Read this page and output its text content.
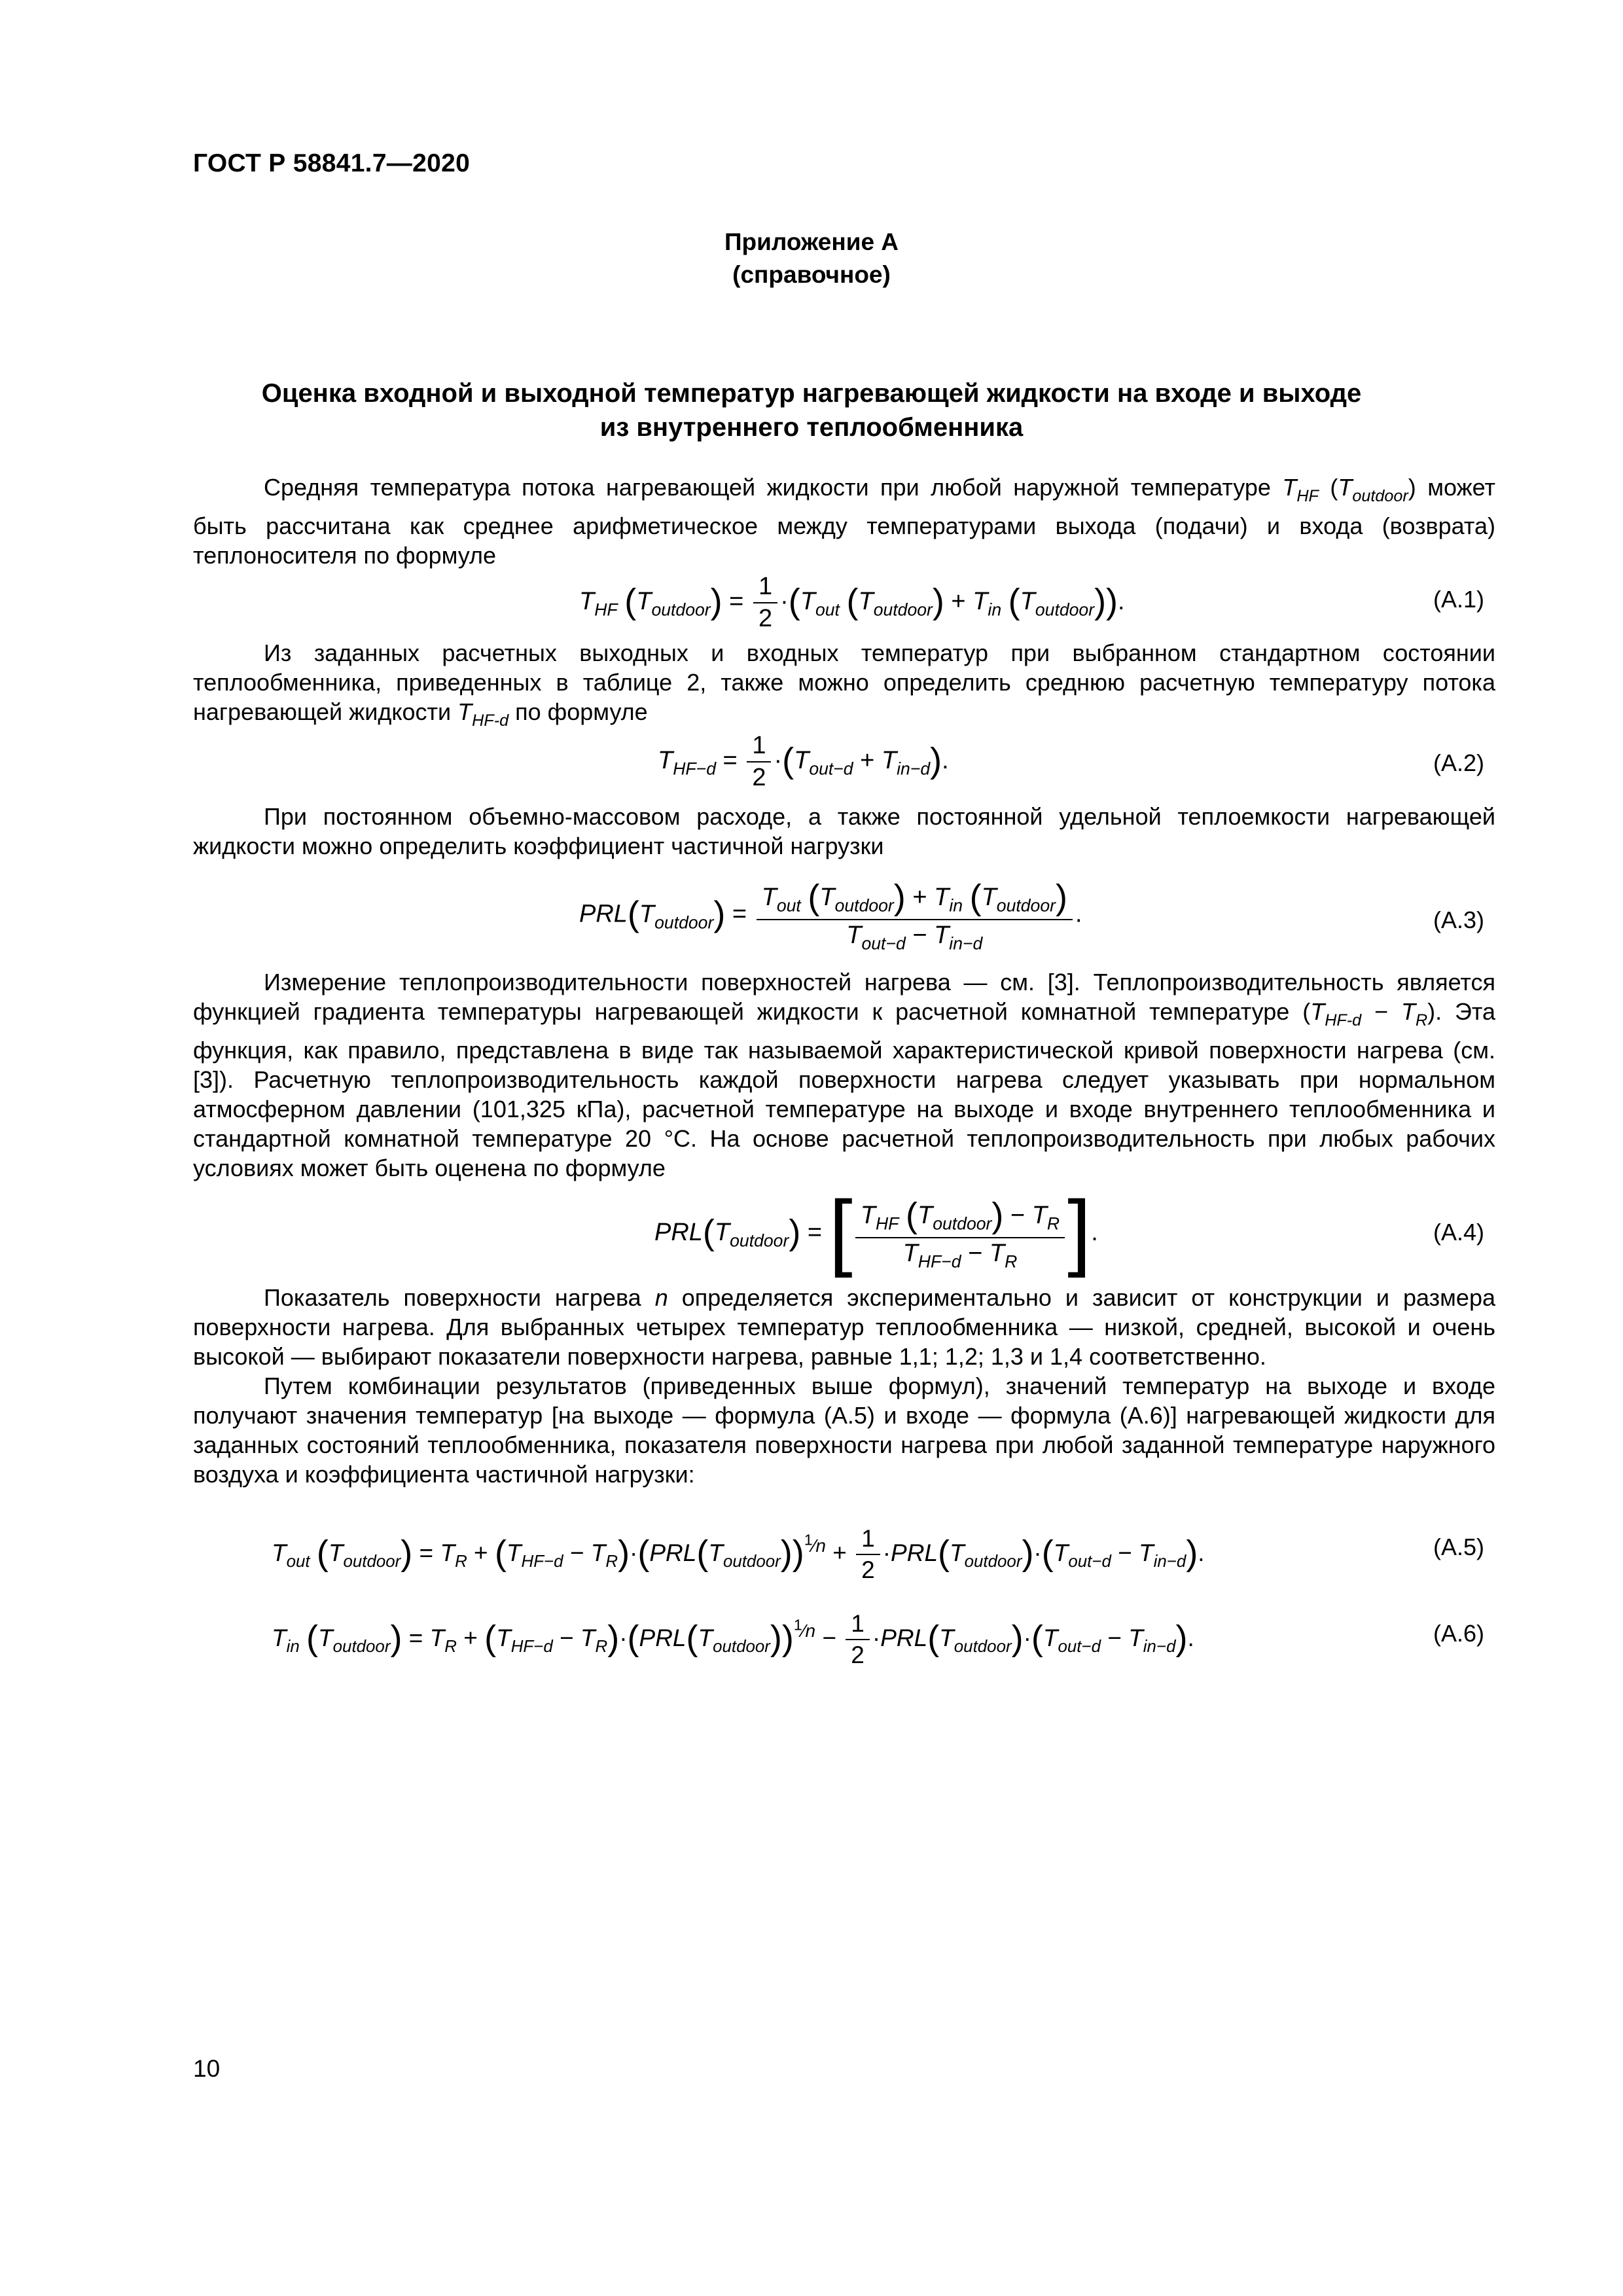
ГОСТ Р 58841.7—2020
Приложение А
(справочное)
Оценка входной и выходной температур нагревающей жидкости на входе и выходе
из внутреннего теплообменника

Средняя температура потока нагревающей жидкости при любой наружной температуре $T_{HF}$ $(T_{outdoor})$ может быть рассчитана как среднее арифметическое между температурами выхода (подачи) и входа (возврата) теплоносителя по формуле

$T_{HF}$ $(T_{outdoor}) = \frac{1}{2} \cdot(T_{out}$ $(T_{outdoor}) + T_{in}$ $(T_{outdoor})$).	(А.1)

Из заданных расчетных выходных и входных температур при выбранном стандартном состоянии теплообменника, приведенных в таблице 2, также можно определить среднюю расчетную температуру потока нагревающей жидкости $T_{HF-d}$ по формуле

$T_{HF-d} = \frac{1}{2} \cdot(T_{out-d} + T_{in-d})$.	(А.2)

При постоянном объемно-массовом расходе, а также постоянной удельной теплоемкости нагревающей жидкости можно определить коэффициент частичной нагрузки

$PRL(T_{outdoor}) = \frac{T_{out} (T_{outdoor}) + T_{in} (T_{outdoor})}{T_{out-d} - T_{in-d}}$ .	(А.3)

Измерение теплопроизводительности поверхностей нагрева — см. [3]. Теплопроизводительность является функцией градиента температуры нагревающей жидкости к расчетной комнатной температуре $(T_{HF-d} - T_R)$. Эта функция, как правило, представлена в виде так называемой характеристической кривой поверхности нагрева (см. [3]). Расчетную теплопроизводительность каждой поверхности нагрева следует указывать при нормальном атмосферном давлении (101,325 кПа), расчетной температуре на выходе и входе внутреннего теплообменника и стандартной комнатной температуре 20 °C. На основе расчетной теплопроизводительность при любых рабочих условиях может быть оценена по формуле

$PRL(T_{outdoor})$ = [ $\frac{T_{HF} (T_{outdoor}) - T_R}{T_{HF-d} - T_R}$ ].	(А.4)

Показатель поверхности нагрева n определяется экспериментально и зависит от конструкции и размера поверхности нагрева. Для выбранных четырех температур теплообменника — низкой, средней, высокой и очень высокой — выбирают показатели поверхности нагрева, равные 1,1; 1,2; 1,3 и 1,4 соответственно.

Путем комбинации результатов (приведенных выше формул), значений температур на выходе и входе получают значения температур [на выходе — формула (А.5) и входе — формула (А.6)] нагревающей жидкости для заданных состояний теплообменника, показателя поверхности нагрева при любой заданной температуре наружного воздуха и коэффициента частичной нагрузки:

$T_{out}$ $(T_{outdoor}) = T_R + (T_{HF-d} - T_R)\cdot(PRL(T_{outdoor}))^{^1⁄n} + \frac{1}{2} \cdot PRL(T_{outdoor})\cdot(T_{out-d} - T_{in-d})$.	(А.5)
$T_{in}$ $(T_{outdoor}) = T_R + (T_{HF-d} - T_R)\cdot(PRL(T_{outdoor}))^{^1⁄n} - \frac{1}{2} \cdot PRL(T_{outdoor})\cdot(T_{out-d} - T_{in-d})$.	(А.6)
10
